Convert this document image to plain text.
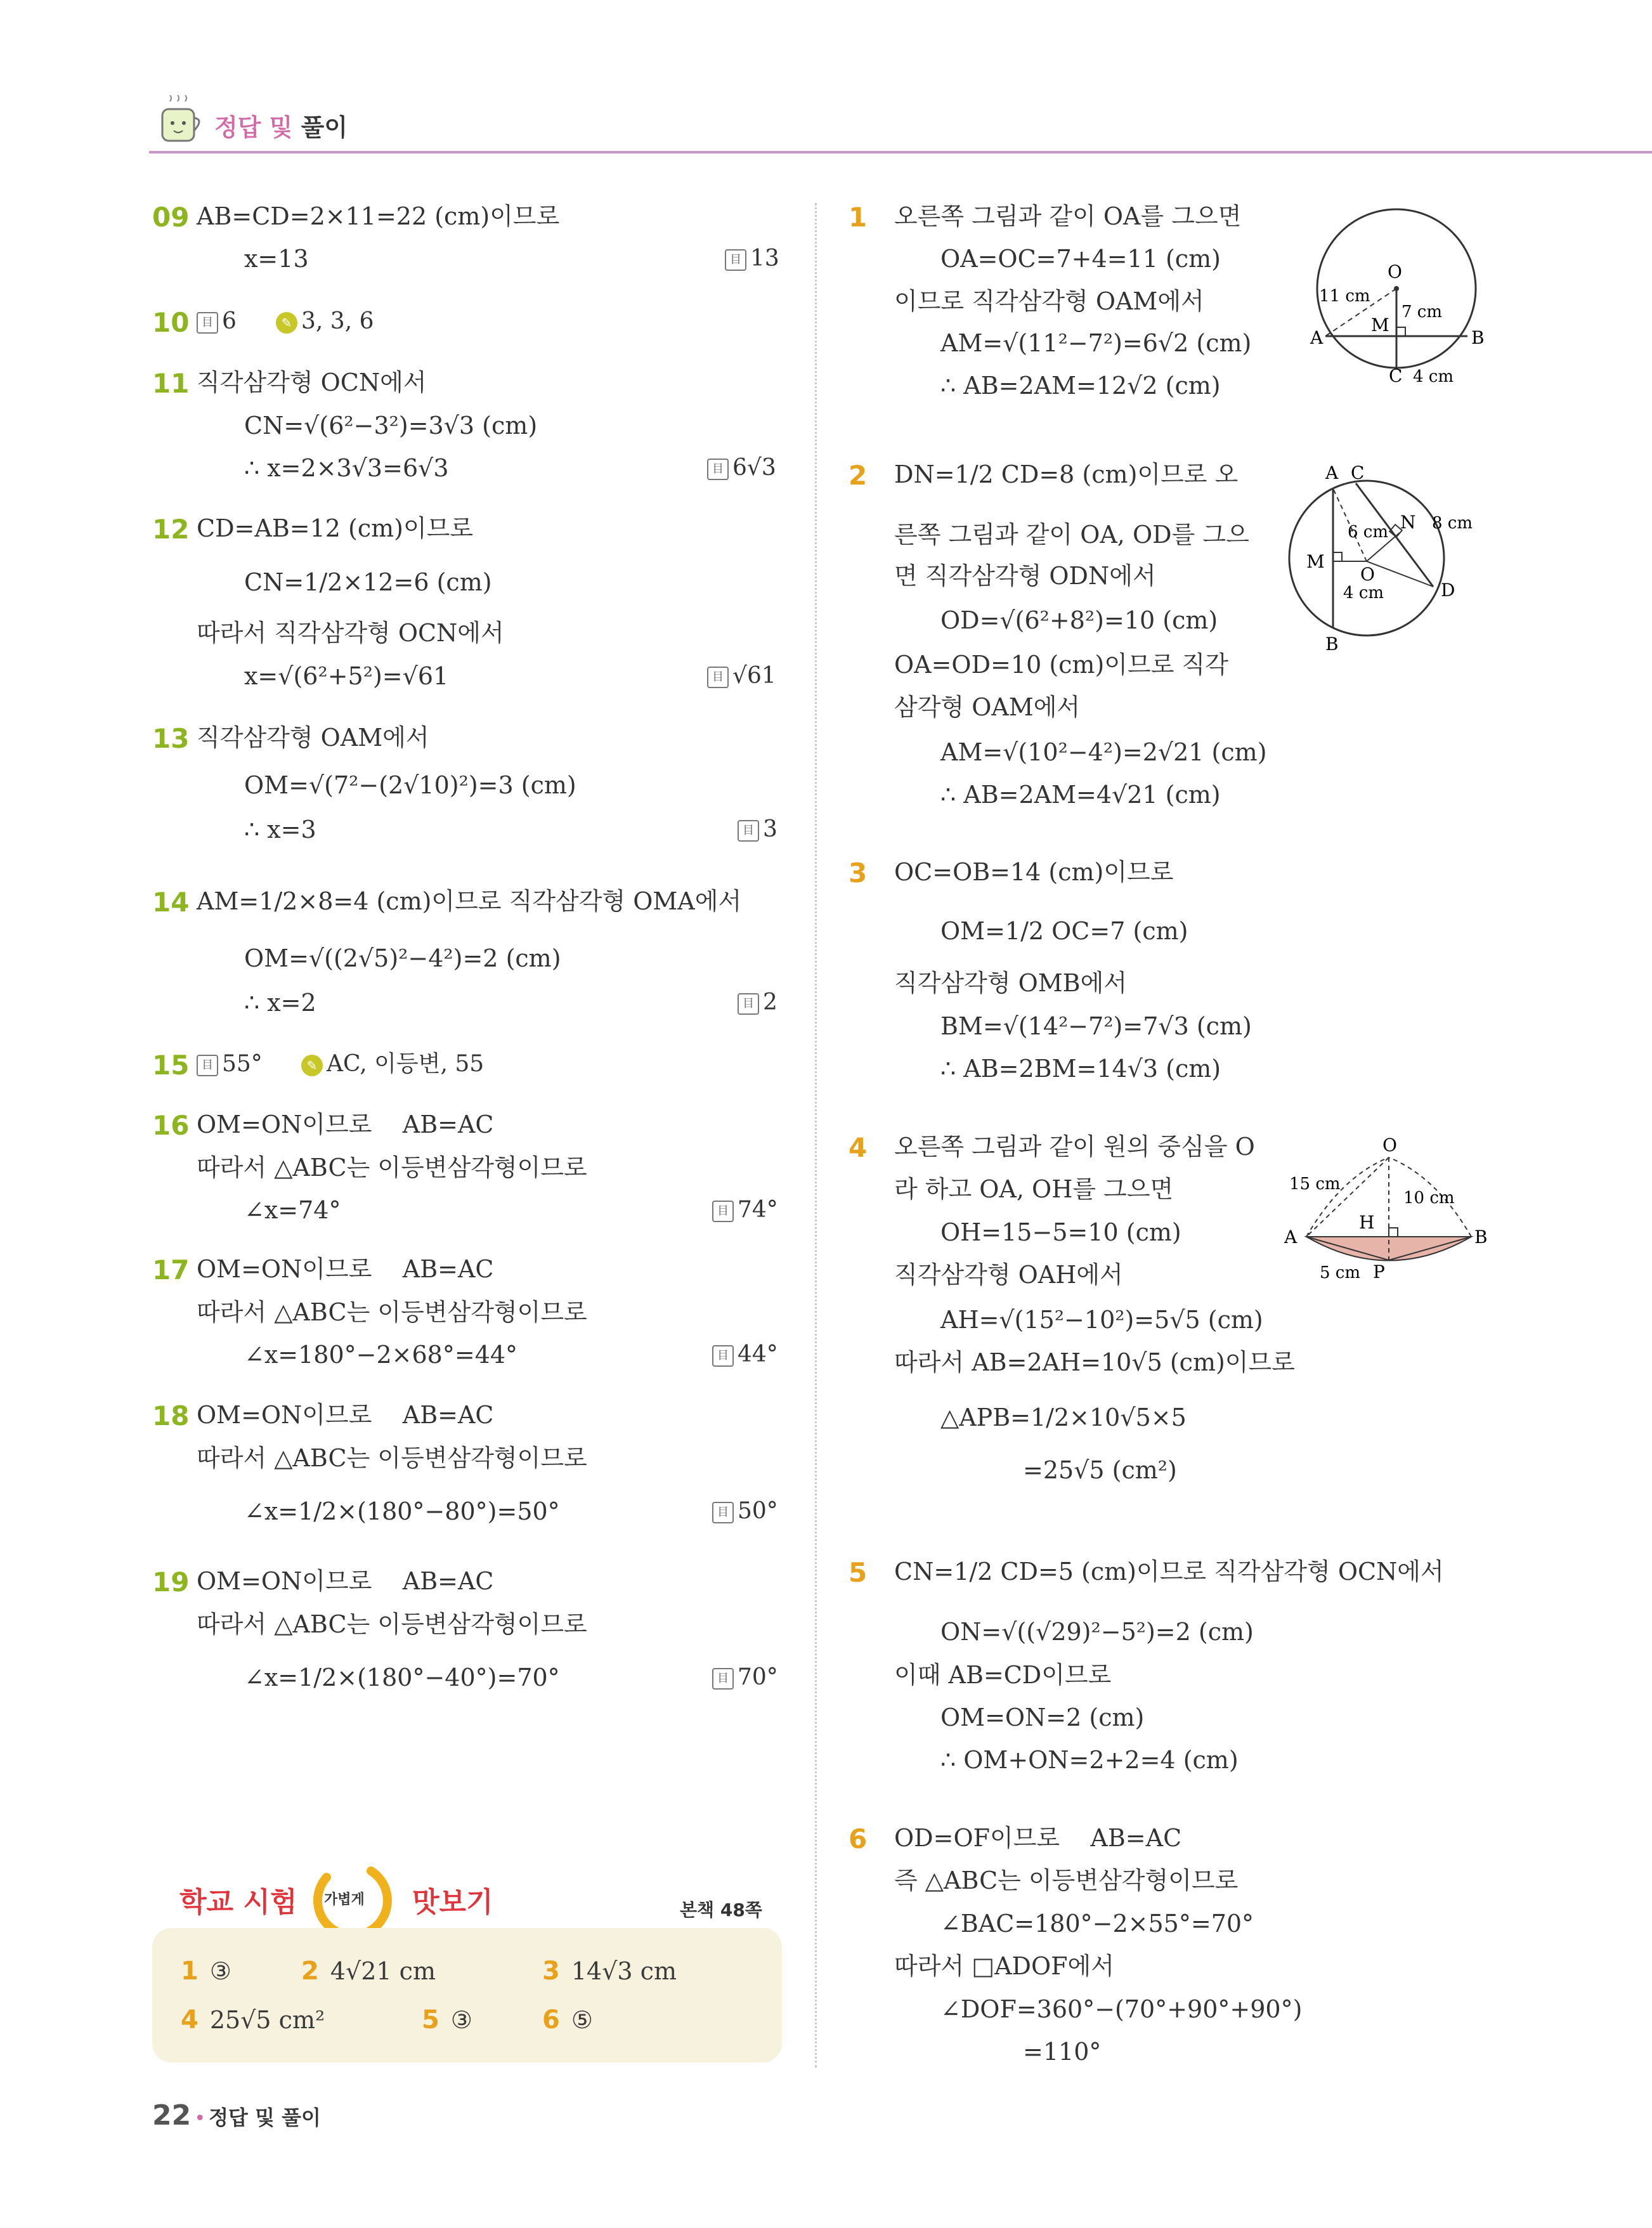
정답 및 풀이
09 AB=CD=2×11=22 (cm)이므로
x=13	目 13
10	目 6	✎ 3, 3, 6
11 직각삼각형 OCN에서
CN=√(6²−3²)=3√3 (cm)
∴ x=2×3√3=6√3	目 6√3
12 CD=AB=12 (cm)이므로
CN=1/2×12=6 (cm)
따라서 직각삼각형 OCN에서
x=√(6²+5²)=√61	目 √61
13 직각삼각형 OAM에서
OM=√(7²−(2√10)²)=3 (cm)
∴ x=3	目 3
14 AM=1/2×8=4 (cm)이므로 직각삼각형 OMA에서
OM=√((2√5)²−4²)=2 (cm)
∴ x=2	目 2
15	目 55°	✎ AC, 이등변, 55
16 OM=ON이므로    AB=AC
따라서 △ABC는 이등변삼각형이므로
∠x=74°	目 74°
17 OM=ON이므로    AB=AC
따라서 △ABC는 이등변삼각형이므로
∠x=180°−2×68°=44°	目 44°
18 OM=ON이므로    AB=AC
따라서 △ABC는 이등변삼각형이므로
∠x=1/2×(180°−80°)=50°	目 50°
19 OM=ON이므로    AB=AC
따라서 △ABC는 이등변삼각형이므로
∠x=1/2×(180°−40°)=70°	目 70°
학교 시험 가볍게 맛보기	본책 48쪽
1 ③	2 4√21 cm	3 14√3 cm
4 25√5 cm²	5 ③	6 ⑤
22 • 정답 및 풀이
1 오른쪽 그림과 같이 OA를 그으면
OA=OC=7+4=11 (cm)
이므로 직각삼각형 OAM에서
AM=√(11²−7²)=6√2 (cm)
∴ AB=2AM=12√2 (cm)
O
11 cm
7 cm
A
M
B
C 4 cm
2 DN=1/2 CD=8 (cm)이므로 오
른쪽 그림과 같이 OA, OD를 그으
면 직각삼각형 ODN에서
OD=√(6²+8²)=10 (cm)
OA=OD=10 (cm)이므로 직각
삼각형 OAM에서
AM=√(10²−4²)=2√21 (cm)
∴ AB=2AM=4√21 (cm)
A C
6 cm N 8 cm
M
O
4 cm	D
B
3 OC=OB=14 (cm)이므로
OM=1/2 OC=7 (cm)
직각삼각형 OMB에서
BM=√(14²−7²)=7√3 (cm)
∴ AB=2BM=14√3 (cm)
4 오른쪽 그림과 같이 원의 중심을 O
라 하고 OA, OH를 그으면
OH=15−5=10 (cm)
직각삼각형 OAH에서
AH=√(15²−10²)=5√5 (cm)
따라서 AB=2AH=10√5 (cm)이므로
△APB=1/2×10√5×5
=25√5 (cm²)
O
15 cm
10 cm
A
H
B
5 cm P
5 CN=1/2 CD=5 (cm)이므로 직각삼각형 OCN에서
ON=√((√29)²−5²)=2 (cm)
이때 AB=CD이므로
OM=ON=2 (cm)
∴ OM+ON=2+2=4 (cm)
6 OD=OF이므로    AB=AC
즉 △ABC는 이등변삼각형이므로
∠BAC=180°−2×55°=70°
따라서 □ADOF에서
∠DOF=360°−(70°+90°+90°)
=110°
